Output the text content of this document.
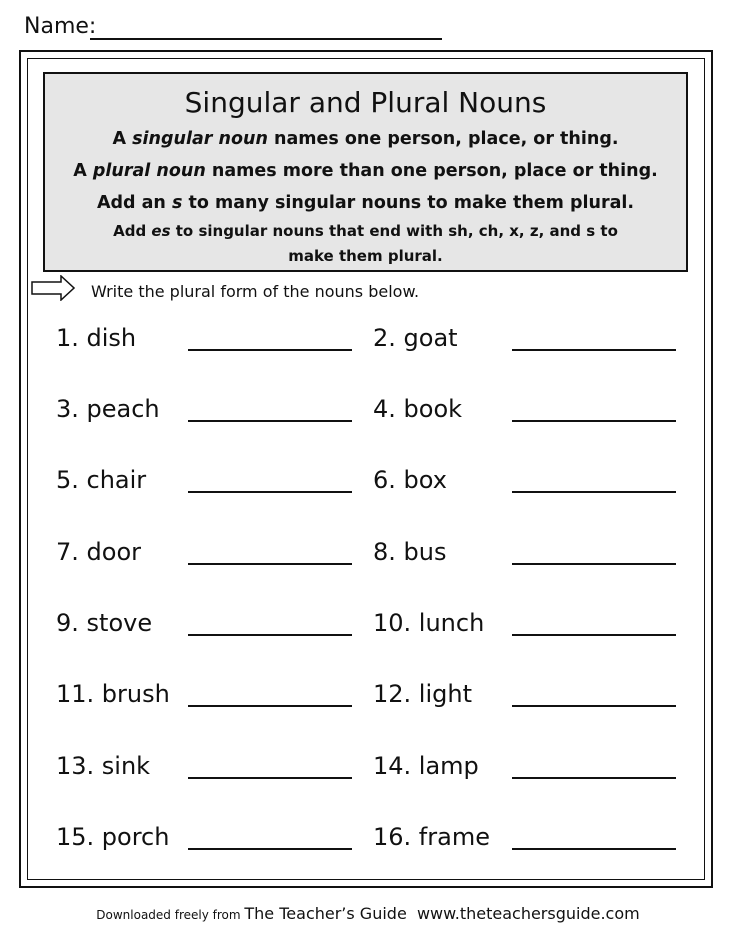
Name:
Singular and Plural Nouns
A singular noun names one person, place, or thing.
A plural noun names more than one person, place or thing.
Add an s to many singular nouns to make them plural.
Add es to singular nouns that end with sh, ch, x, z, and s to
make them plural.
Write the plural form of the nouns below.
1. dish	2. goat
3. peach	4. book
5. chair	6. box
7. door	8. bus
9. stove	10. lunch
11. brush	12. light
13. sink	14. lamp
15. porch	16. frame
Downloaded freely from The Teacher’s Guide www.theteachersguide.com
